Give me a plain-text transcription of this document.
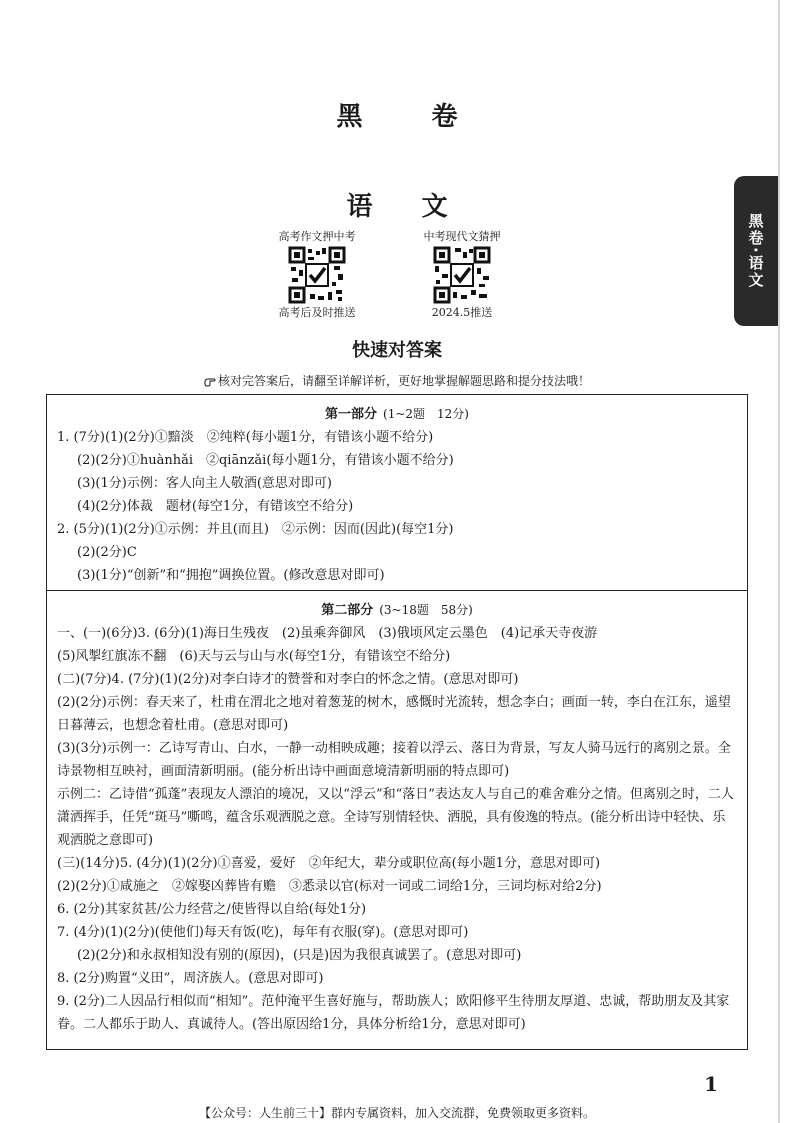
黑 卷
语 文
高考作文押中考
高考后及时推送
中考现代文猜押
2024.5推送
黑卷·语文
快速对答案
核对完答案后，请翻至详解详析，更好地掌握解题思路和提分技法哦！
第一部分 (1~2题　12分)
1. (7分)(1)(2分)①黯淡　②纯粹(每小题1分，有错该小题不给分)
(2)(2分)①huànhǎi　②qiānzǎi(每小题1分，有错该小题不给分)
(3)(1分)示例：客人向主人敬酒(意思对即可)
(4)(2分)体裁　题材(每空1分，有错该空不给分)
2. (5分)(1)(2分)①示例：并且(而且)　②示例：因而(因此)(每空1分)
(2)(2分)C
(3)(1分)“创新”和“拥抱”调换位置。(修改意思对即可)
第二部分 (3~18题　58分)
一、(一)(6分)3. (6分)(1)海日生残夜　(2)虽乘奔御风　(3)俄顷风定云墨色　(4)记承天寺夜游
(5)风掣红旗冻不翻　(6)天与云与山与水(每空1分，有错该空不给分)
(二)(7分)4. (7分)(1)(2分)对李白诗才的赞誉和对李白的怀念之情。(意思对即可)
(2)(2分)示例：春天来了，杜甫在渭北之地对着葱茏的树木，感慨时光流转，想念李白；画面一转，李白在江东，遥望日暮薄云，也想念着杜甫。(意思对即可)
(3)(3分)示例一：乙诗写青山、白水，一静一动相映成趣；接着以浮云、落日为背景，写友人骑马远行的离别之景。全诗景物相互映衬，画面清新明丽。(能分析出诗中画面意境清新明丽的特点即可)
示例二：乙诗借“孤蓬”表现友人漂泊的境况，又以“浮云”和“落日”表达友人与自己的难舍难分之情。但离别之时，二人潇洒挥手，任凭“斑马”嘶鸣，蕴含乐观洒脱之意。全诗写别情轻快、洒脱，具有俊逸的特点。(能分析出诗中轻快、乐观洒脱之意即可)
(三)(14分)5. (4分)(1)(2分)①喜爱，爱好　②年纪大，辈分或职位高(每小题1分，意思对即可)
(2)(2分)①咸施之　②嫁娶凶葬皆有赡　③悉录以官(标对一词或二词给1分，三词均标对给2分)
6. (2分)其家贫甚/公力经营之/使皆得以自给(每处1分)
7. (4分)(1)(2分)(使他们)每天有饭(吃)，每年有衣服(穿)。(意思对即可)
(2)(2分)和永叔相知没有别的(原因)，(只是)因为我很真诚罢了。(意思对即可)
8. (2分)购置“义田”，周济族人。(意思对即可)
9. (2分)二人因品行相似而“相知”。范仲淹平生喜好施与，帮助族人；欧阳修平生待朋友厚道、忠诚，帮助朋友及其家眷。二人都乐于助人、真诚待人。(答出原因给1分，具体分析给1分，意思对即可)
1
【公众号：人生前三十】群内专属资料，加入交流群，免费领取更多资料。
